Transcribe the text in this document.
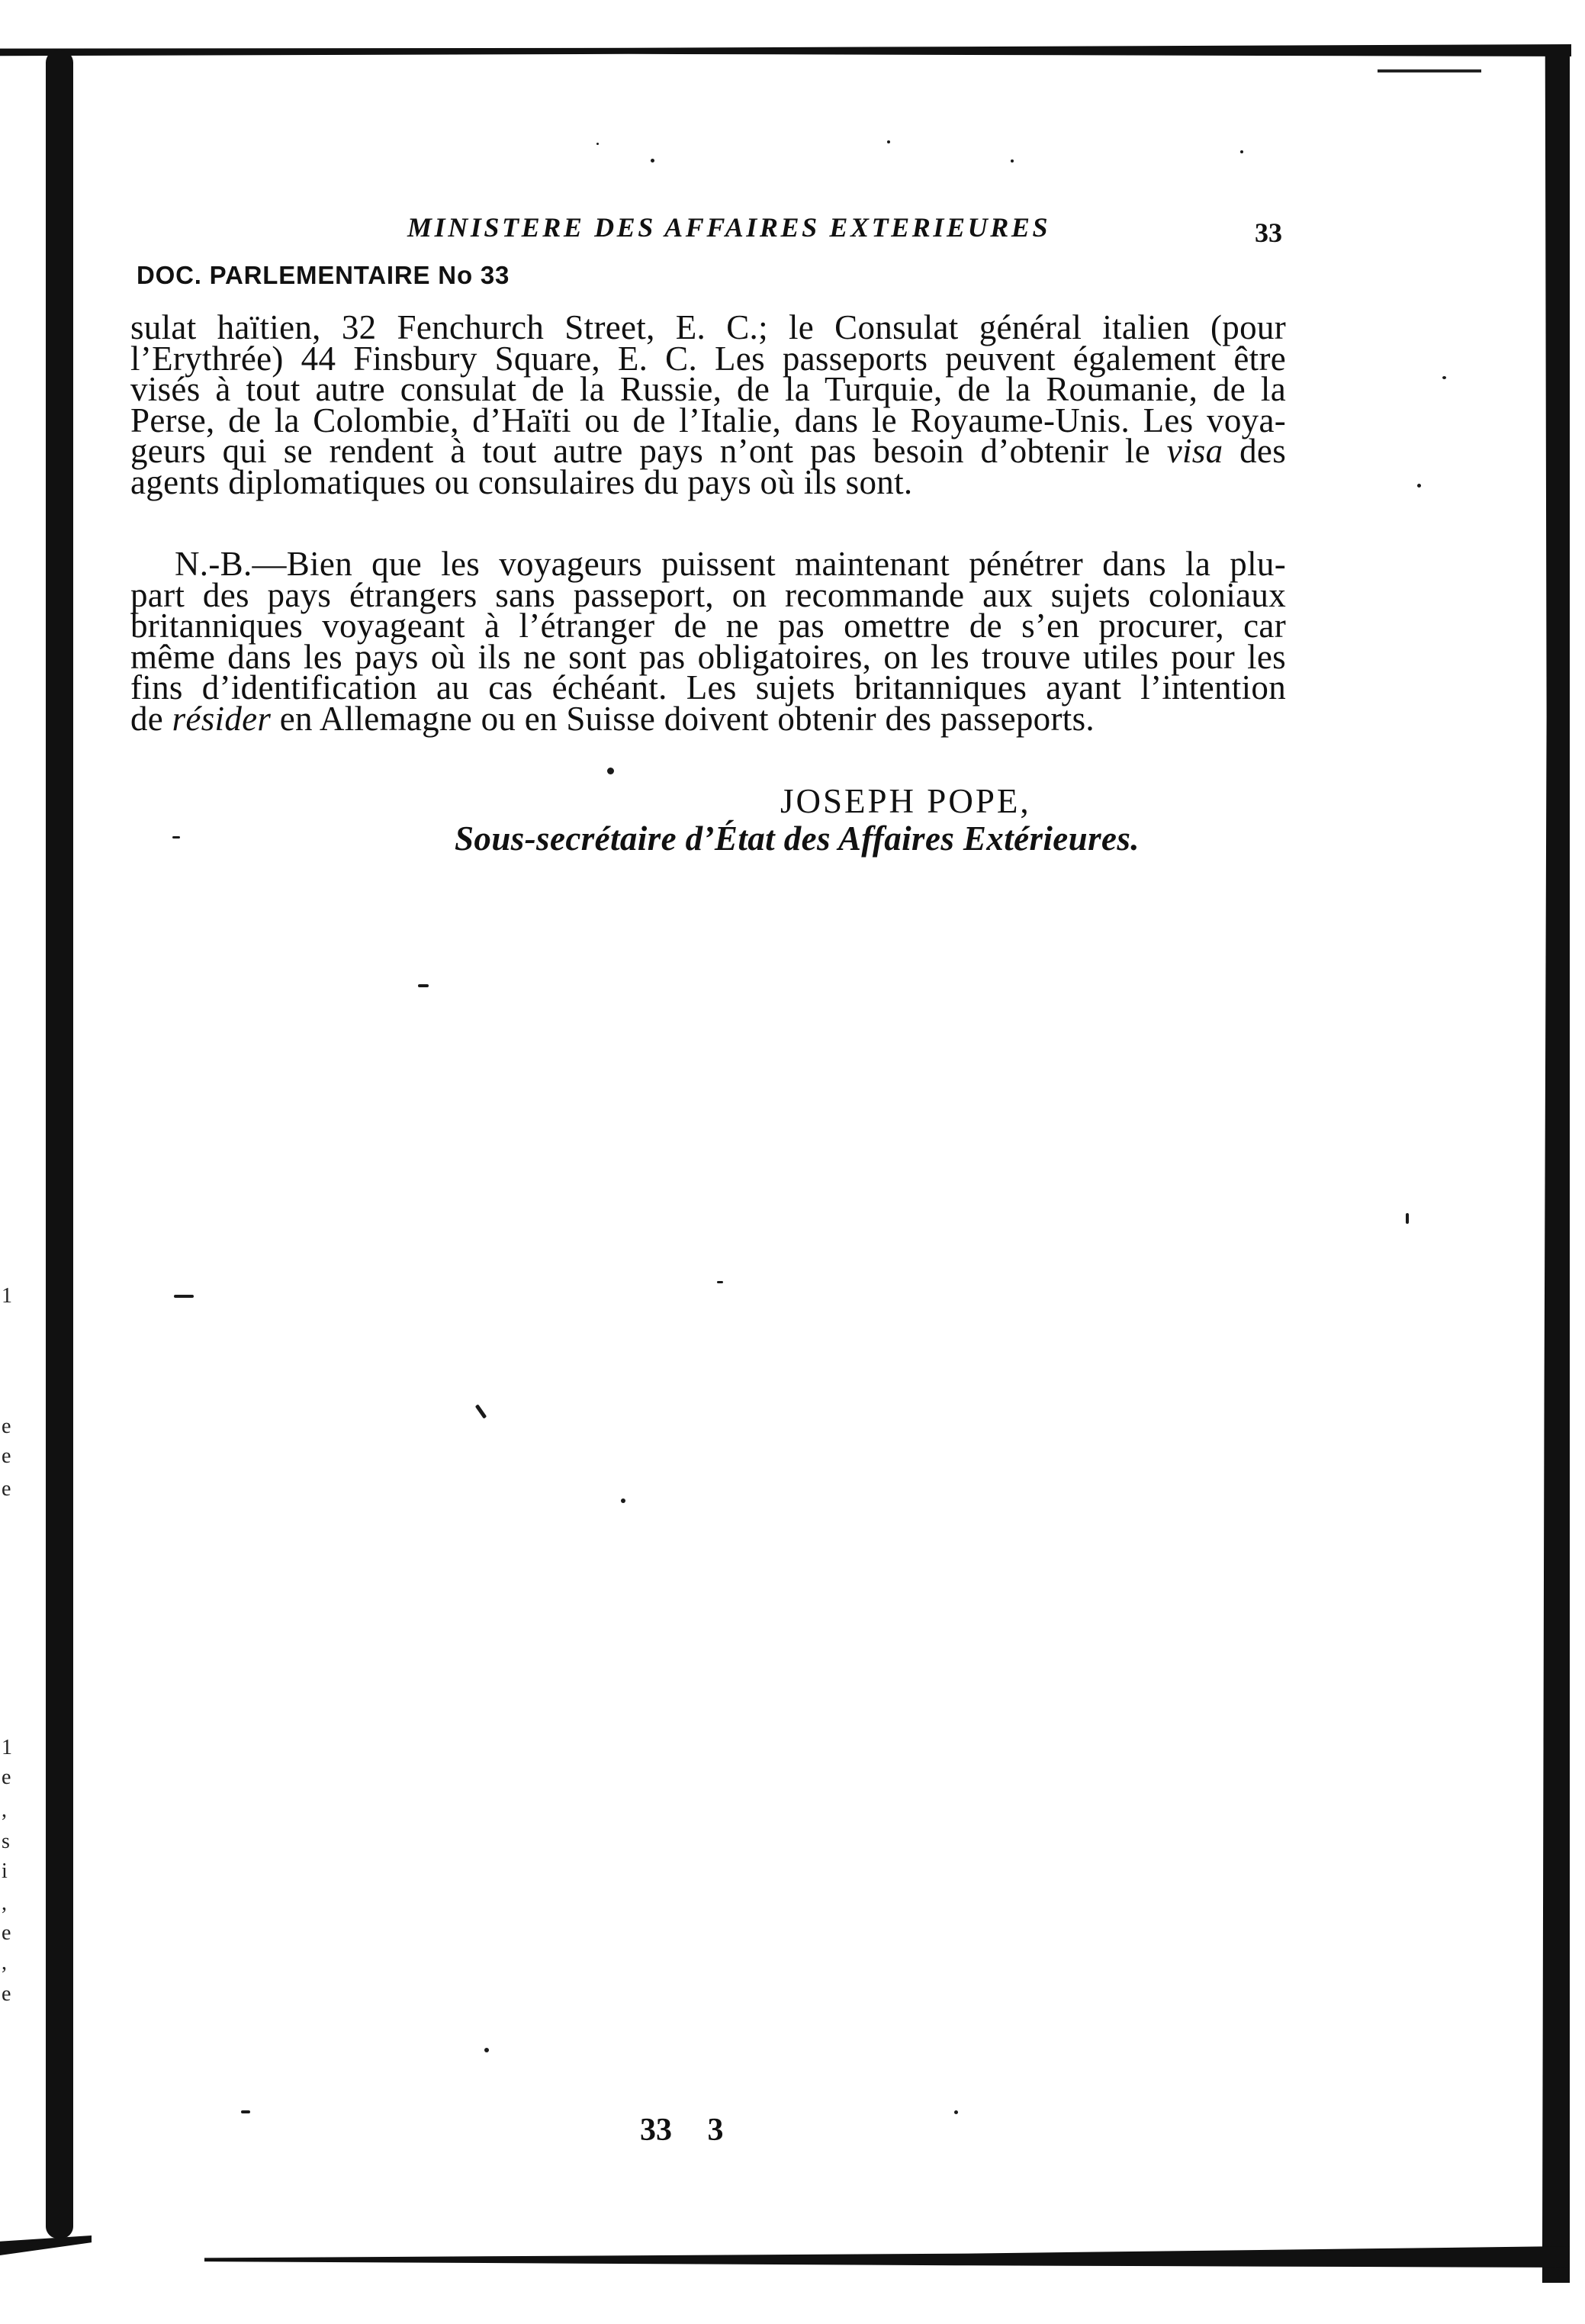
MINISTERE DES AFFAIRES EXTERIEURES	33
DOC. PARLEMENTAIRE No 33
sulat haïtien, 32 Fenchurch Street, E. C.; le Consulat général italien (pour
l’Erythrée) 44 Finsbury Square, E. C. Les passeports peuvent également être
visés à tout autre consulat de la Russie, de la Turquie, de la Roumanie, de la
Perse, de la Colombie, d’Haïti ou de l’Italie, dans le Royaume-Unis. Les voya-
geurs qui se rendent à tout autre pays n’ont pas besoin d’obtenir le visa des
agents diplomatiques ou consulaires du pays où ils sont.
N.-B.—Bien que les voyageurs puissent maintenant pénétrer dans la plu-
part des pays étrangers sans passeport, on recommande aux sujets coloniaux
britanniques voyageant à l’étranger de ne pas omettre de s’en procurer, car
même dans les pays où ils ne sont pas obligatoires, on les trouve utiles pour les
fins d’identification au cas échéant. Les sujets britanniques ayant l’intention
de résider en Allemagne ou en Suisse doivent obtenir des passeports.
JOSEPH POPE,
Sous-secrétaire d’État des Affaires Extérieures.
33 3
1
e
e
e
1
e
,
s
i
,
e
,
e
